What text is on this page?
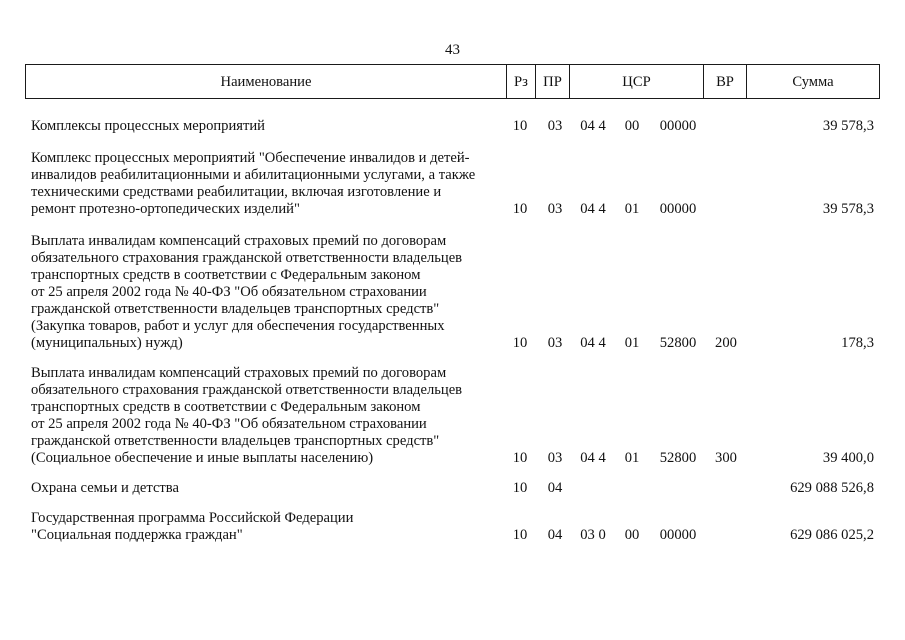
43
Наименование	Рз	ПР	ЦСР	ВР	Сумма
Комплексы процессных мероприятий	10	03	04 4	00	00000	39 578,3
Комплекс процессных мероприятий "Обеспечение инвалидов и детей-
инвалидов реабилитационными и абилитационными услугами, а также
техническими средствами реабилитации, включая изготовление и
ремонт протезно-ортопедических изделий"	10	03	04 4	01	00000	39 578,3
Выплата инвалидам компенсаций страховых премий по договорам
обязательного страхования гражданской ответственности владельцев
транспортных средств в соответствии с Федеральным законом
от 25 апреля 2002 года № 40-ФЗ "Об обязательном страховании
гражданской ответственности владельцев транспортных средств"
(Закупка товаров, работ и услуг для обеспечения государственных
(муниципальных) нужд)	10	03	04 4	01	52800	200	178,3
Выплата инвалидам компенсаций страховых премий по договорам
обязательного страхования гражданской ответственности владельцев
транспортных средств в соответствии с Федеральным законом
от 25 апреля 2002 года № 40-ФЗ "Об обязательном страховании
гражданской ответственности владельцев транспортных средств"
(Социальное обеспечение и иные выплаты населению)	10	03	04 4	01	52800	300	39 400,0
Охрана семьи и детства	10	04	629 088 526,8
Государственная программа Российской Федерации
"Социальная поддержка граждан"	10	04	03 0	00	00000	629 086 025,2
